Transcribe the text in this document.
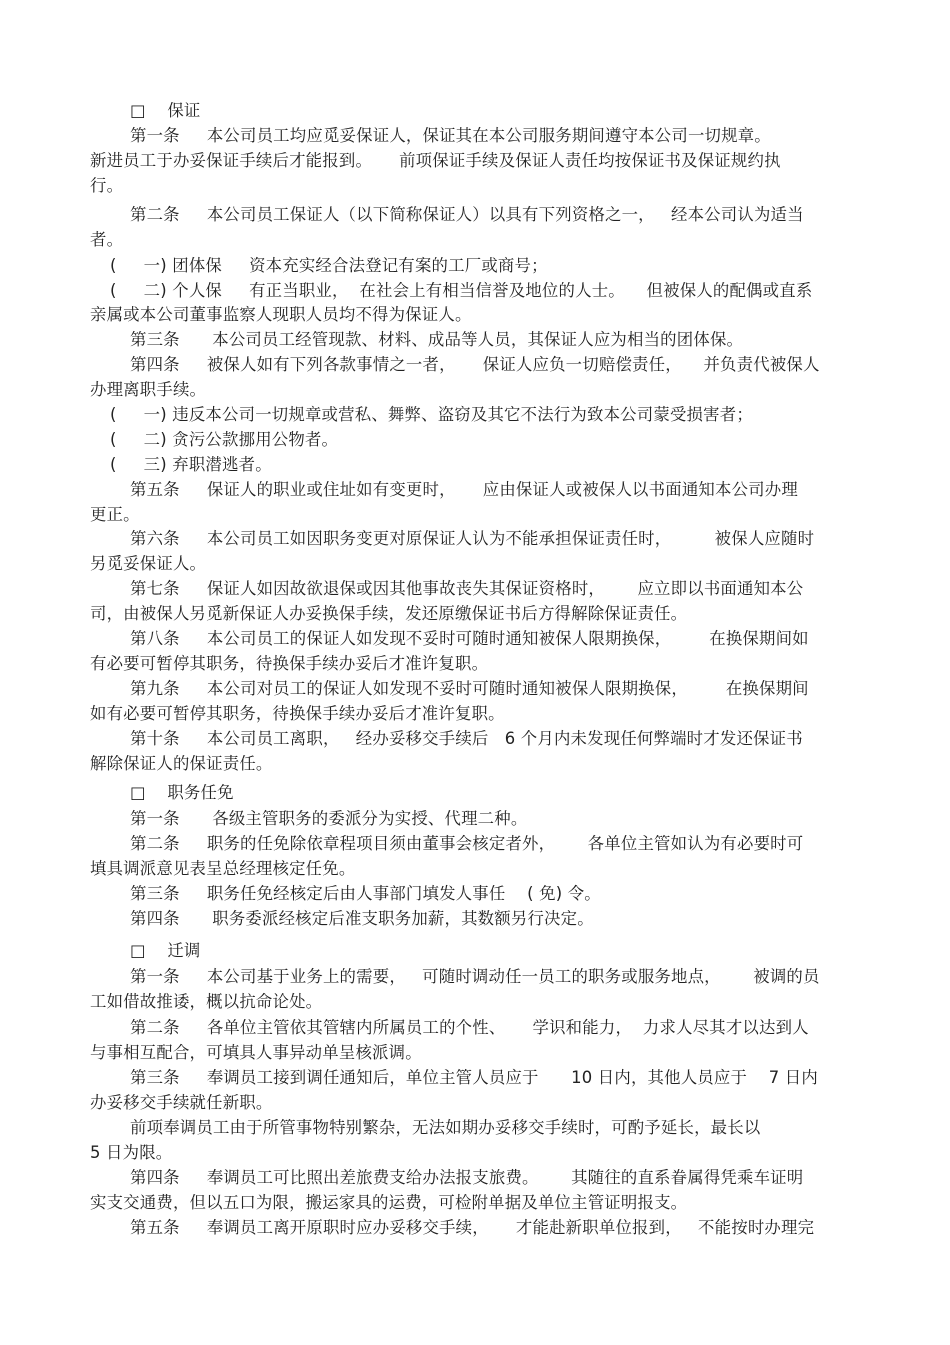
□    保证
第一条     本公司员工均应觅妥保证人，保证其在本公司服务期间遵守本公司一切规章。
新进员工于办妥保证手续后才能报到。     前项保证手续及保证人责任均按保证书及保证规约执
行。
第二条     本公司员工保证人（以下简称保证人）以具有下列资格之一，   经本公司认为适当
者。
(     一) 团体保     资本充实经合法登记有案的工厂或商号；
(     二) 个人保     有正当职业，  在社会上有相当信誉及地位的人士。    但被保人的配偶或直系
亲属或本公司董事监察人现职人员均不得为保证人。
第三条      本公司员工经管现款、材料、成品等人员，其保证人应为相当的团体保。
第四条     被保人如有下列各款事情之一者，     保证人应负一切赔偿责任，    并负责代被保人
办理离职手续。
(     一) 违反本公司一切规章或营私、舞弊、盗窃及其它不法行为致本公司蒙受损害者；
(     二) 贪污公款挪用公物者。
(     三) 弃职潜逃者。
第五条     保证人的职业或住址如有变更时，     应由保证人或被保人以书面通知本公司办理
更正。
第六条     本公司员工如因职务变更对原保证人认为不能承担保证责任时，        被保人应随时
另觅妥保证人。
第七条     保证人如因故欲退保或因其他事故丧失其保证资格时，      应立即以书面通知本公
司，由被保人另觅新保证人办妥换保手续，发还原缴保证书后方得解除保证责任。
第八条     本公司员工的保证人如发现不妥时可随时通知被保人限期换保，       在换保期间如
有必要可暂停其职务，待换保手续办妥后才准许复职。
第九条     本公司对员工的保证人如发现不妥时可随时通知被保人限期换保，       在换保期间
如有必要可暂停其职务，待换保手续办妥后才准许复职。
第十条     本公司员工离职，   经办妥移交手续后   6 个月内未发现任何弊端时才发还保证书
解除保证人的保证责任。
□    职务任免
第一条      各级主管职务的委派分为实授、代理二种。
第二条     职务的任免除依章程项目须由董事会核定者外，      各单位主管如认为有必要时可
填具调派意见表呈总经理核定任免。
第三条     职务任免经核定后由人事部门填发人事任    ( 免) 令。
第四条      职务委派经核定后准支职务加薪，其数额另行决定。
□    迁调
第一条     本公司基于业务上的需要，   可随时调动任一员工的职务或服务地点，      被调的员
工如借故推诿，概以抗命论处。
第二条     各单位主管依其管辖内所属员工的个性、     学识和能力，  力求人尽其才以达到人
与事相互配合，可填具人事异动单呈核派调。
第三条     奉调员工接到调任通知后，单位主管人员应于      10 日内，其他人员应于    7 日内
办妥移交手续就任新职。
前项奉调员工由于所管事物特别繁杂，无法如期办妥移交手续时，可酌予延长，最长以
5 日为限。
第四条     奉调员工可比照出差旅费支给办法报支旅费。      其随往的直系眷属得凭乘车证明
实支交通费，但以五口为限，搬运家具的运费，可检附单据及单位主管证明报支。
第五条     奉调员工离开原职时应办妥移交手续，     才能赴新职单位报到，   不能按时办理完
